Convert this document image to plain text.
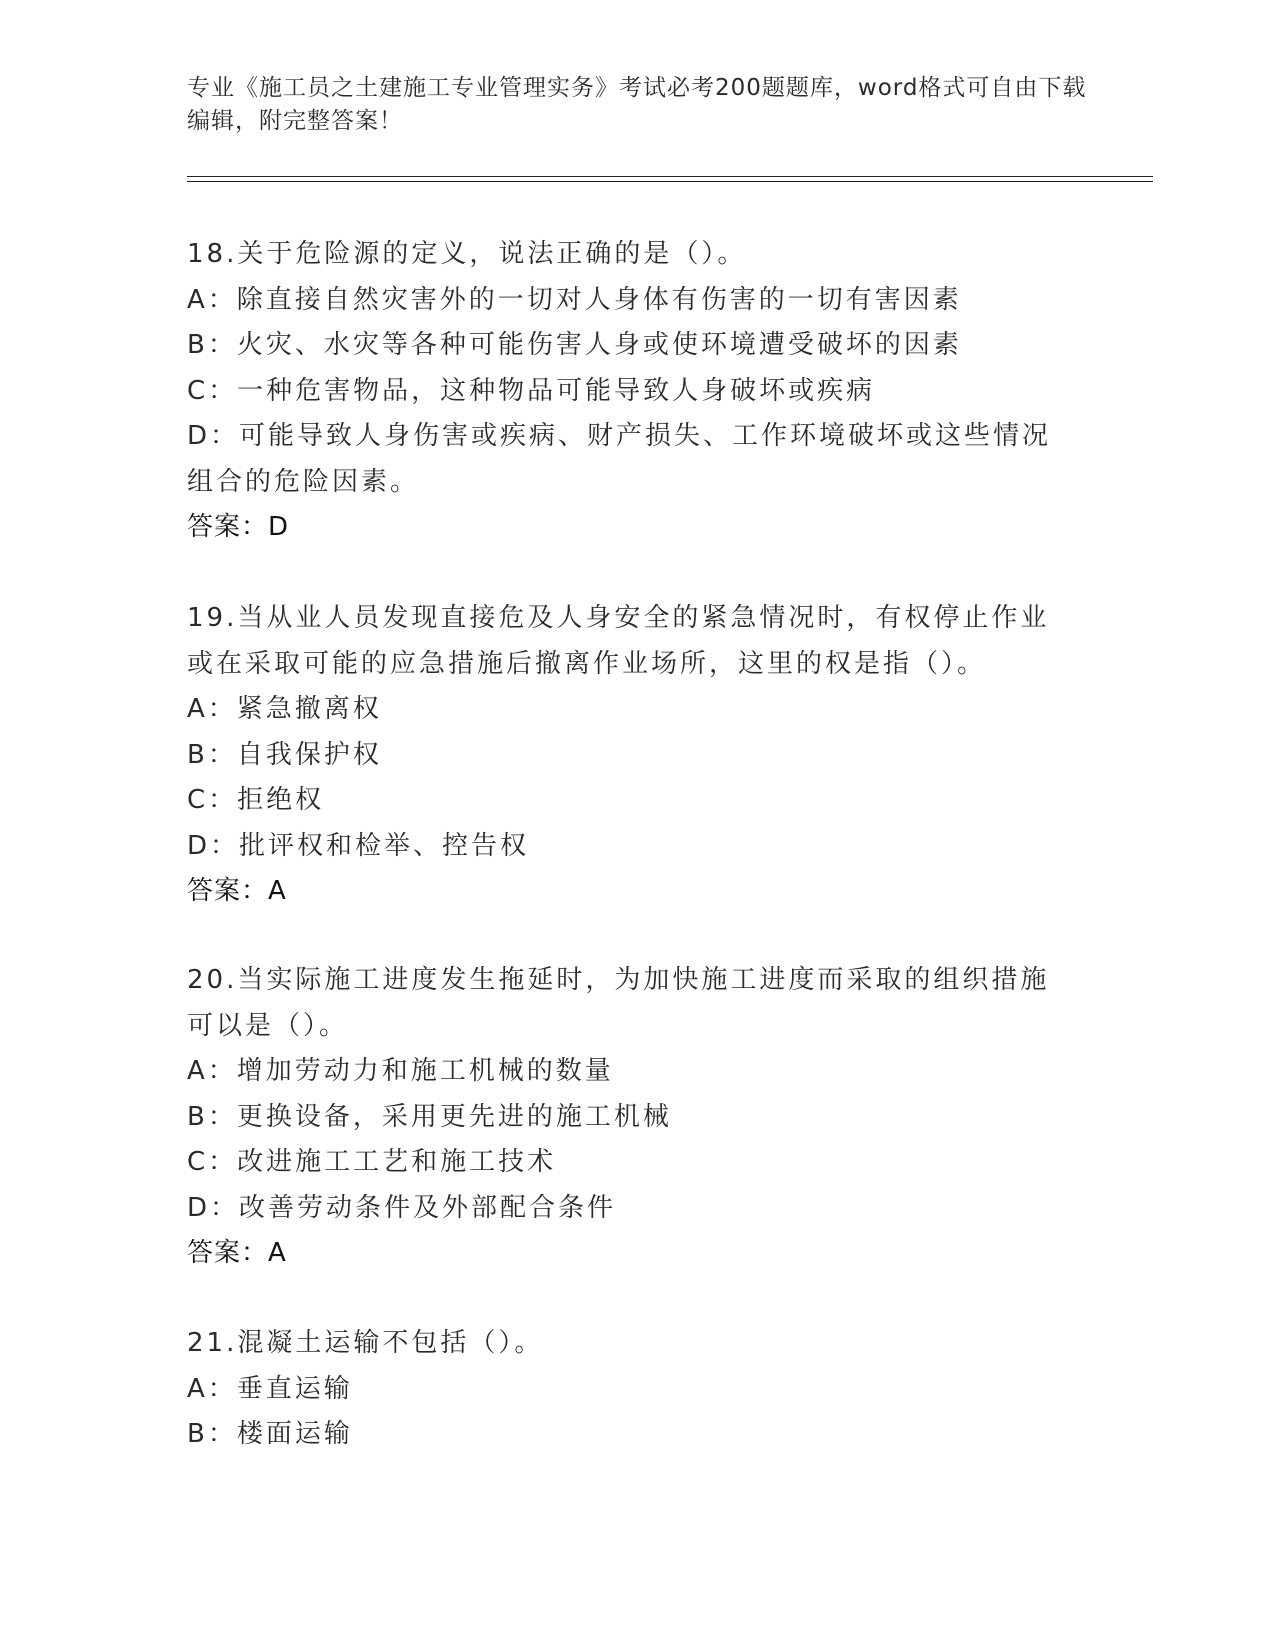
专业《施工员之土建施工专业管理实务》考试必考200题题库，word格式可自由下载编辑，附完整答案！
18.关于危险源的定义，说法正确的是（）。
A：除直接自然灾害外的一切对人身体有伤害的一切有害因素
B：火灾、水灾等各种可能伤害人身或使环境遭受破坏的因素
C：一种危害物品，这种物品可能导致人身破坏或疾病
D：可能导致人身伤害或疾病、财产损失、工作环境破坏或这些情况组合的危险因素。
答案：D
19.当从业人员发现直接危及人身安全的紧急情况时，有权停止作业或在采取可能的应急措施后撤离作业场所，这里的权是指（）。
A：紧急撤离权
B：自我保护权
C：拒绝权
D：批评权和检举、控告权
答案：A
20.当实际施工进度发生拖延时，为加快施工进度而采取的组织措施可以是（）。
A：增加劳动力和施工机械的数量
B：更换设备，采用更先进的施工机械
C：改进施工工艺和施工技术
D：改善劳动条件及外部配合条件
答案：A
21.混凝土运输不包括（）。
A：垂直运输
B：楼面运输
